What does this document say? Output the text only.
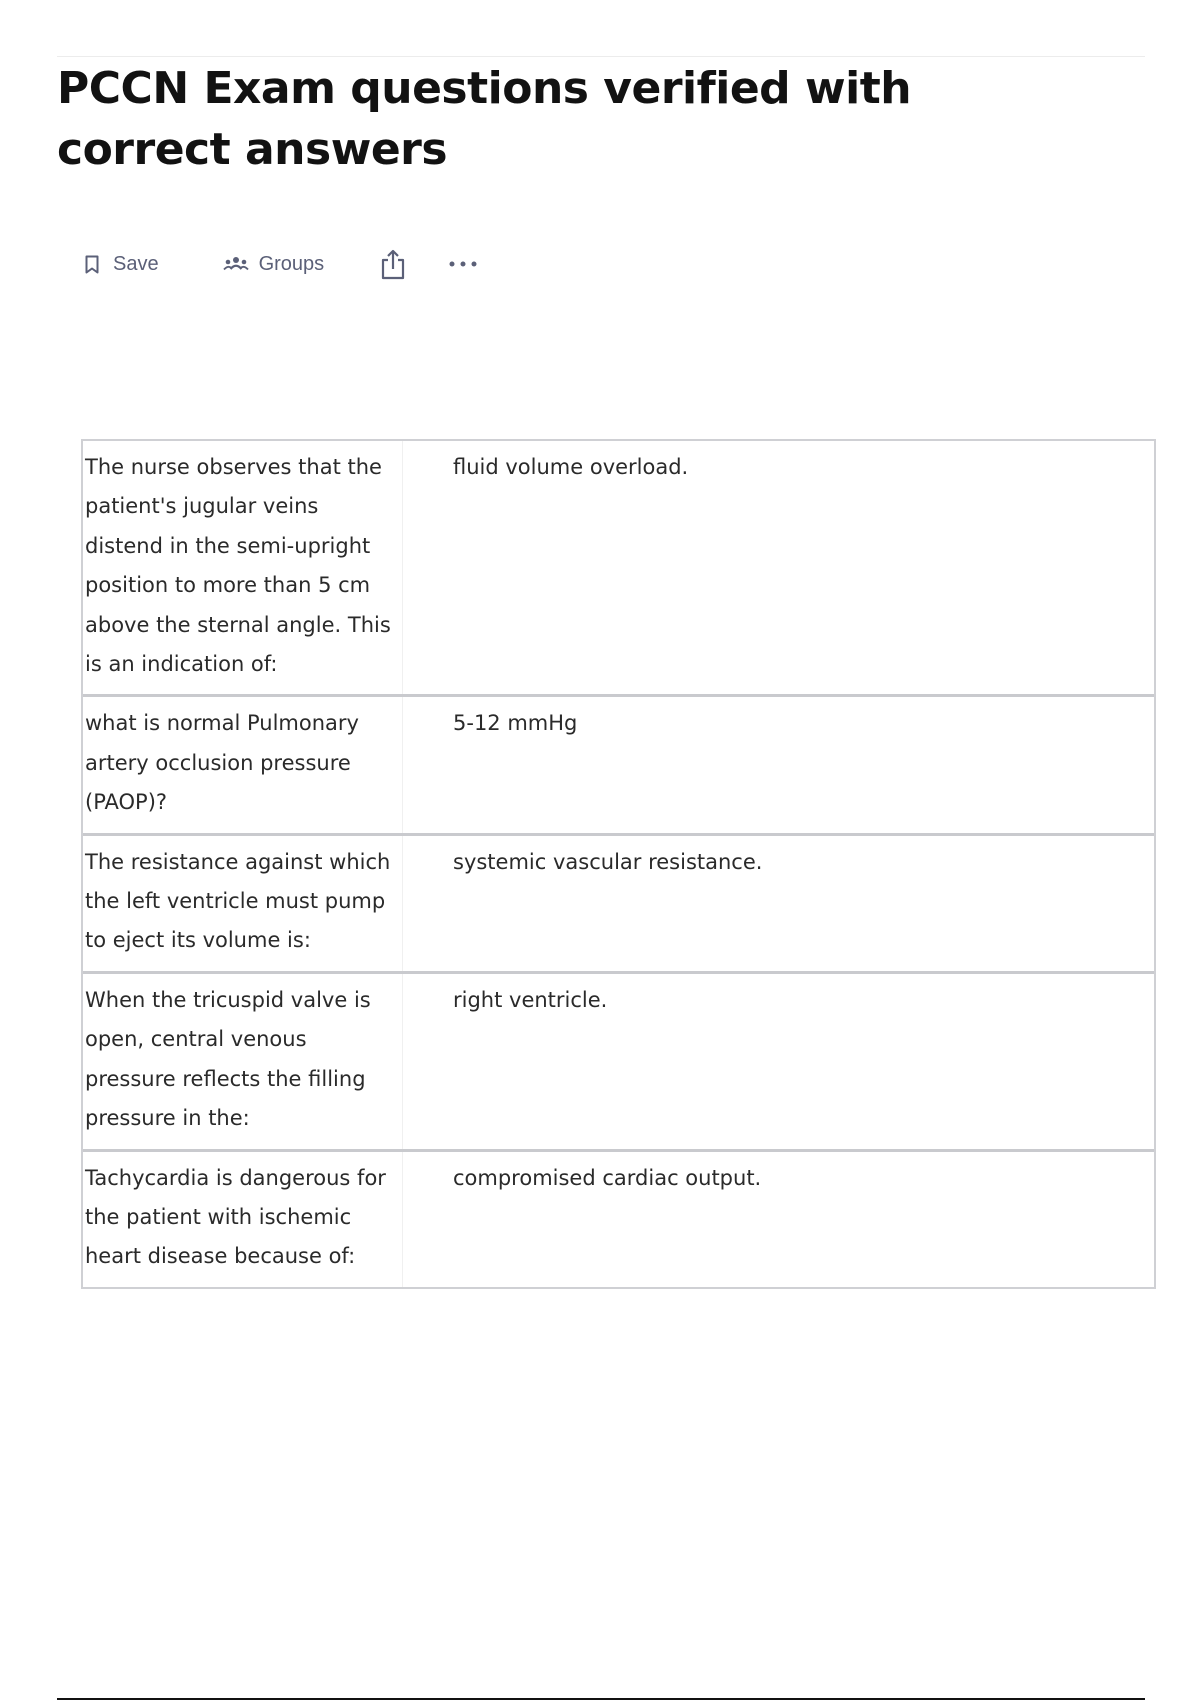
PCCN Exam questions verified with correct answers
Save	Groups
The nurse observes that the patient's jugular veins distend in the semi-upright position to more than 5 cm above the sternal angle. This is an indication of:
fluid volume overload.
what is normal Pulmonary artery occlusion pressure (PAOP)?
5-12 mmHg
The resistance against which the left ventricle must pump to eject its volume is:
systemic vascular resistance.
When the tricuspid valve is open, central venous pressure reflects the filling pressure in the:
right ventricle.
Tachycardia is dangerous for the patient with ischemic heart disease because of:
compromised cardiac output.
